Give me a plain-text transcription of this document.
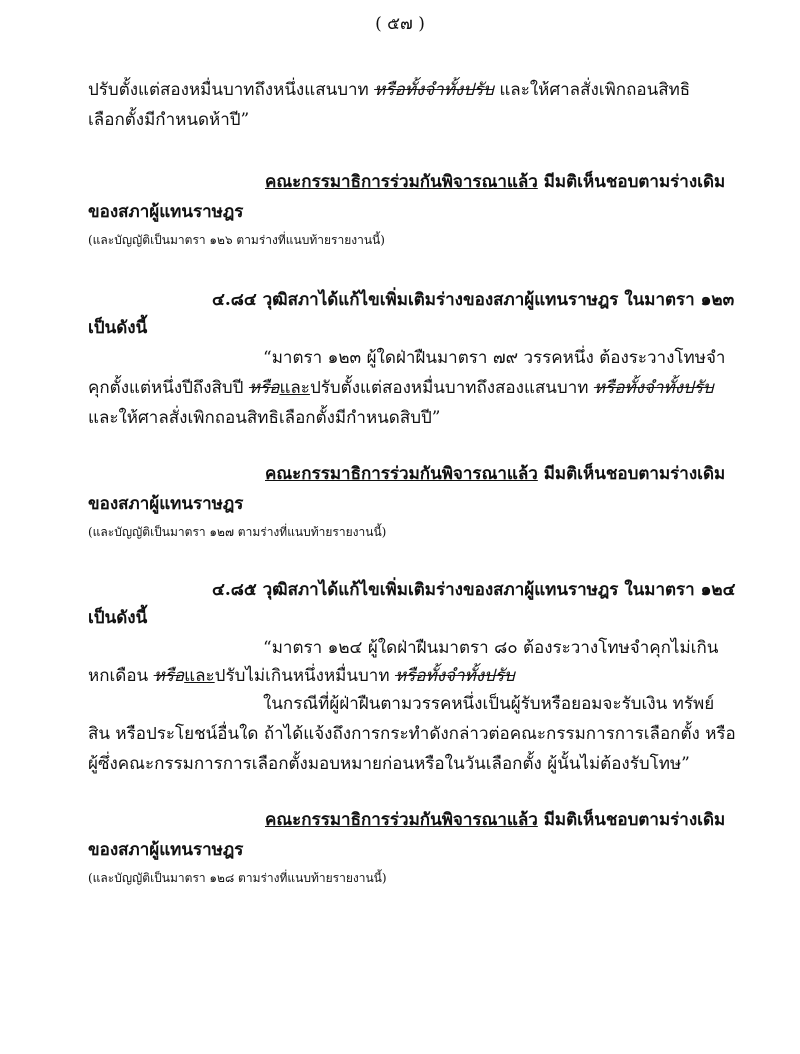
( ๕๗ )
ปรับตั้งแต่สองหมื่นบาทถึงหนึ่งแสนบาท หรือทั้งจำทั้งปรับ และให้ศาลสั่งเพิกถอนสิทธิ
เลือกตั้งมีกำหนดห้าปี”
คณะกรรมาธิการร่วมกันพิจารณาแล้ว มีมติเห็นชอบตามร่างเดิม
ของสภาผู้แทนราษฎร
(และบัญญัติเป็นมาตรา ๑๒๖ ตามร่างที่แนบท้ายรายงานนี้)
๔.๘๔ วุฒิสภาได้แก้ไขเพิ่มเติมร่างของสภาผู้แทนราษฎร ในมาตรา ๑๒๓
เป็นดังนี้
“มาตรา ๑๒๓ ผู้ใดฝ่าฝืนมาตรา ๗๙ วรรคหนึ่ง ต้องระวางโทษจำ
คุกตั้งแต่หนึ่งปีถึงสิบปี หรือและปรับตั้งแต่สองหมื่นบาทถึงสองแสนบาท หรือทั้งจำทั้งปรับ
และให้ศาลสั่งเพิกถอนสิทธิเลือกตั้งมีกำหนดสิบปี”
คณะกรรมาธิการร่วมกันพิจารณาแล้ว มีมติเห็นชอบตามร่างเดิม
ของสภาผู้แทนราษฎร
(และบัญญัติเป็นมาตรา ๑๒๗ ตามร่างที่แนบท้ายรายงานนี้)
๔.๘๕ วุฒิสภาได้แก้ไขเพิ่มเติมร่างของสภาผู้แทนราษฎร ในมาตรา ๑๒๔
เป็นดังนี้
“มาตรา ๑๒๔ ผู้ใดฝ่าฝืนมาตรา ๘๐ ต้องระวางโทษจำคุกไม่เกิน
หกเดือน หรือและปรับไม่เกินหนึ่งหมื่นบาท หรือทั้งจำทั้งปรับ
ในกรณีที่ผู้ฝ่าฝืนตามวรรคหนึ่งเป็นผู้รับหรือยอมจะรับเงิน ทรัพย์
สิน หรือประโยชน์อื่นใด ถ้าได้แจ้งถึงการกระทำดังกล่าวต่อคณะกรรมการการเลือกตั้ง หรือ
ผู้ซึ่งคณะกรรมการการเลือกตั้งมอบหมายก่อนหรือในวันเลือกตั้ง ผู้นั้นไม่ต้องรับโทษ”
คณะกรรมาธิการร่วมกันพิจารณาแล้ว มีมติเห็นชอบตามร่างเดิม
ของสภาผู้แทนราษฎร
(และบัญญัติเป็นมาตรา ๑๒๘ ตามร่างที่แนบท้ายรายงานนี้)
